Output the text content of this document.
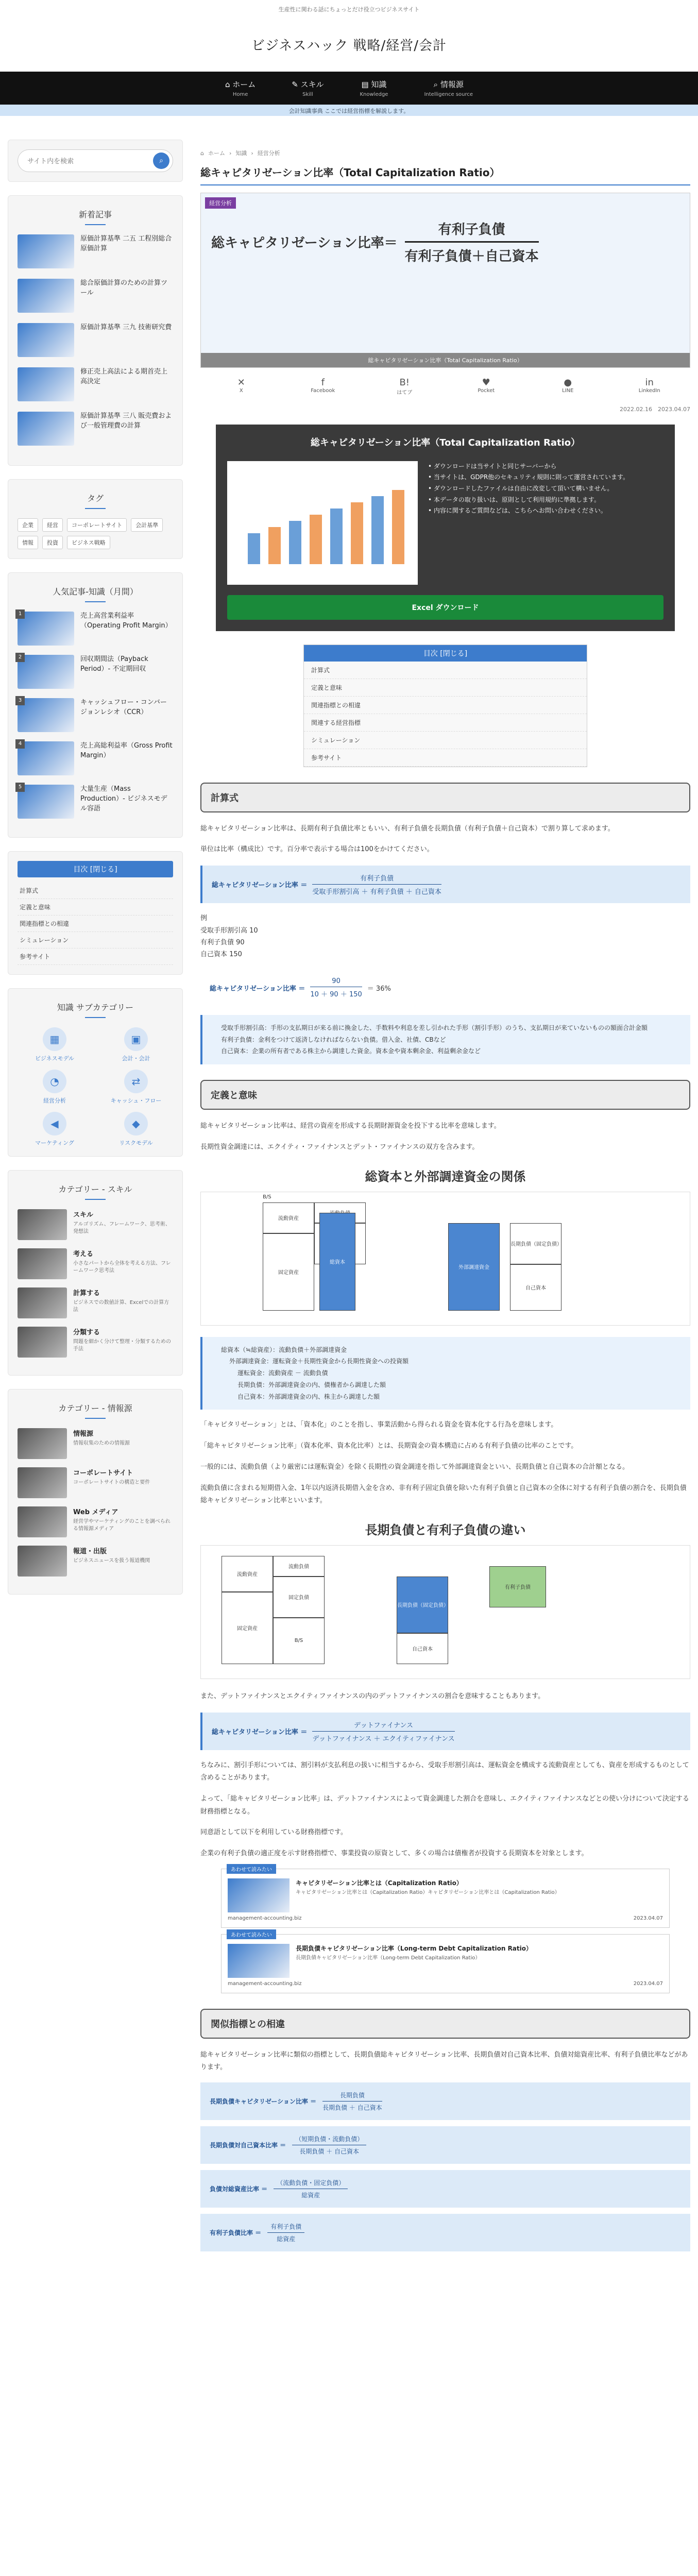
生産性に関わる話にちょっとだけ役立つビジネスサイト
ビジネスハック 戦略/経営/会計
⌂ ホーム
Home
✎ スキル
Skill
▤ 知識
Knowledge
⌕ 情報源
Intelligence source
会計知識事典 ここでは経営指標を解説します。
サイト内を検索
⌕
新着記事
原価計算基準 二五 工程別総合原価計算
総合原価計算のための計算ツール
原価計算基準 三九 技術研究費
修正売上高法による期首売上高決定
原価計算基準 三八 販売費および一般管理費の計算
タグ
企業	経営	コーポレートサイト	会計基準
情報	投資	ビジネス戦略
人気記事-知識（月間）
1	売上高営業利益率（Operating Profit Margin）
2	回収期間法（Payback Period）- 不定期回収
3	キャッシュフロー・コンバージョンレシオ（CCR）
4	売上高総利益率（Gross Profit Margin）
5	大量生産（Mass Production）- ビジネスモデル容語
目次 [閉じる]
計算式
定義と意味
関連指標との相違
シミュレーション
参考サイト
知識 サブカテゴリー
▦
ビジネスモデル
▣
会計・会計
◔
経営分析
⇄
キャッシュ・フロー
◀
マーケティング
◆
リスクモデル
カテゴリー - スキル
スキル
アルゴリズム、フレームワーク、思考術、発想法
考える
小さなパートから全体を考える方法、フレームワーク思考法
計算する
ビジネスでの数値計算、Excelでの計算方法
分類する
問題を細かく分けて整理・分類するための手法
カテゴリー - 情報源
情報源
情報収集のための情報源
コーポレートサイト
コーポレートサイトの構造と要件
Web メディア
経営学やマーケティングのことを調べられる情報源メディア
報道・出版
ビジネスニュースを扱う報道機関
⌂ ホーム › 知識 › 経営分析
総キャピタリゼーション比率（Total Capitalization Ratio）
経営分析
総キャピタリゼーション比率＝ $\frac{\text{有利子負債}}{\text{有利子負債＋自己資本}}$
総キャピタリゼーション比率（Total Capitalization Ratio）
✕
X
f
Facebook
B!
はてブ
♥
Pocket
●
LINE
in
LinkedIn
2022.02.16　2023.04.07
総キャピタリゼーション比率（Total Capitalization Ratio）
• ダウンロードは当サイトと同じサーバーから
• 当サイトは、GDPR他のセキュリティ規則に則って運営されています。
• ダウンロードしたファイルは自由に改変して頂いて構いません。
• 本データの取り扱いは、原則として利用規約に準拠します。
• 内容に関するご質問などは、こちらへお問い合わせください。
Excel ダウンロード
目次 [閉じる]
計算式
定義と意味
関連指標との相違
関連する経営指標
シミュレーション
参考サイト
計算式

総キャピタリゼーション比率は、長期有利子負債比率ともいい、有利子負債を長期負債（有利子負債＋自己資本）で割り算して求めます。

単位は比率（構成比）です。百分率で表示する場合は100をかけてください。

総キャピタリゼーション比率 ＝
有利子負債
受取手形割引高 ＋ 有利子負債 ＋ 自己資本
例
受取手形割引高 10
有利子負債 90
自己資本 150
総キャピタリゼーション比率 ＝
90
10 ＋ 90 ＋ 150
＝ 36%
受取手形割引高：手形の支払期日が来る前に換金した、手数料や利息を差し引かれた手形（割引手形）のうち、支払期日が来ていないものの額面合計金額
有利子負債：金利をつけて返済しなければならない負債。借入金、社債、CBなど
自己資本：企業の所有者である株主から調達した資金。資本金や資本剰余金、利益剰余金など
定義と意味

総キャピタリゼーション比率は、経営の資産を形成する長期財源資金を投下する比率を意味します。

長期性資金調達には、エクイティ・ファイナンスとデット・ファイナンスの双方を含みます。

総資本と外部調達資金の関係
流動資産
固定資産
総資本
外部調達資金
自己資本
長期負債（固定負債）
B/S
総資本（≒総資産）：流動負債＋外部調達資金
外部調達資金：運転資金＋長期性資金から長期性資金への投資額
運転資金：流動資産 － 流動負債
長期負債：外部調達資金の内、債権者から調達した額
自己資本：外部調達資金の内、株主から調達した額

「キャピタリゼーション」とは、「資本化」のことを指し、事業活動から得られる資金を資本化する行為を意味します。

「総キャピタリゼーション比率」（資本化率、資本化比率）とは、長期資金の資本構造に占める有利子負債の比率のことです。

一般的には、流動負債（より厳密には運転資金）を除く長期性の資金調達を指して外部調達資金といい、長期負債と自己資本の合計額となる。

流動負債に含まれる短期借入金、1年以内返済長期借入金を含め、非有利子固定負債を除いた有利子負債と自己資本の全体に対する有利子負債の割合を、長期負債総キャピタリゼーション比率といいます。

長期負債と有利子負債の違い
流動資産
流動負債
固定資産
固定負債
長期負債（固定負債）
有利子負債
自己資本
B/S

また、デットファイナンスとエクイティファイナンスの内のデットファイナンスの割合を意味することもあります。

総キャピタリゼーション比率 ＝
デットファイナンス
デットファイナンス ＋ エクイティファイナンス

ちなみに、割引手形については、割引料が支払利息の扱いに相当するから、受取手形割引高は、運転資金を構成する流動資産としても、資産を形成するものとして含めることがあります。

よって、「総キャピタリゼーション比率」は、デットファイナンスによって資金調達した割合を意味し、エクイティファイナンスなどとの使い分けについて決定する財務指標となる。

同意語として以下を利用している財務指標です。

企業の有利子負債の適正度を示す財務指標で、事業投資の原資として、多くの場合は債権者が投資する長期資本を対象とします。

あわせて読みたい
キャピタリゼーション比率とは（Capitalization Ratio）
キャピタリゼーション比率とは（Capitalization Ratio）キャピタリゼーション比率とは（Capitalization Ratio）
management-accounting.biz	2023.04.07
あわせて読みたい
長期負債キャピタリゼーション比率（Long-term Debt Capitalization Ratio）
長期負債キャピタリゼーション比率（Long-term Debt Capitalization Ratio）
management-accounting.biz	2023.04.07
関似指標との相違

総キャピタリゼーション比率に類似の指標として、長期負債総キャピタリゼーション比率、長期負債対自己資本比率、負債対総資産比率、有利子負債比率などがあります。

長期負債キャピタリゼーション比率 ＝
長期負債
長期負債 ＋ 自己資本
長期負債対自己資本比率 ＝
（短期負債・流動負債）
長期負債 ＋ 自己資本
負債対総資産比率 ＝
（流動負債・固定負債）
総資産
有利子負債比率 ＝
有利子負債
総資産
